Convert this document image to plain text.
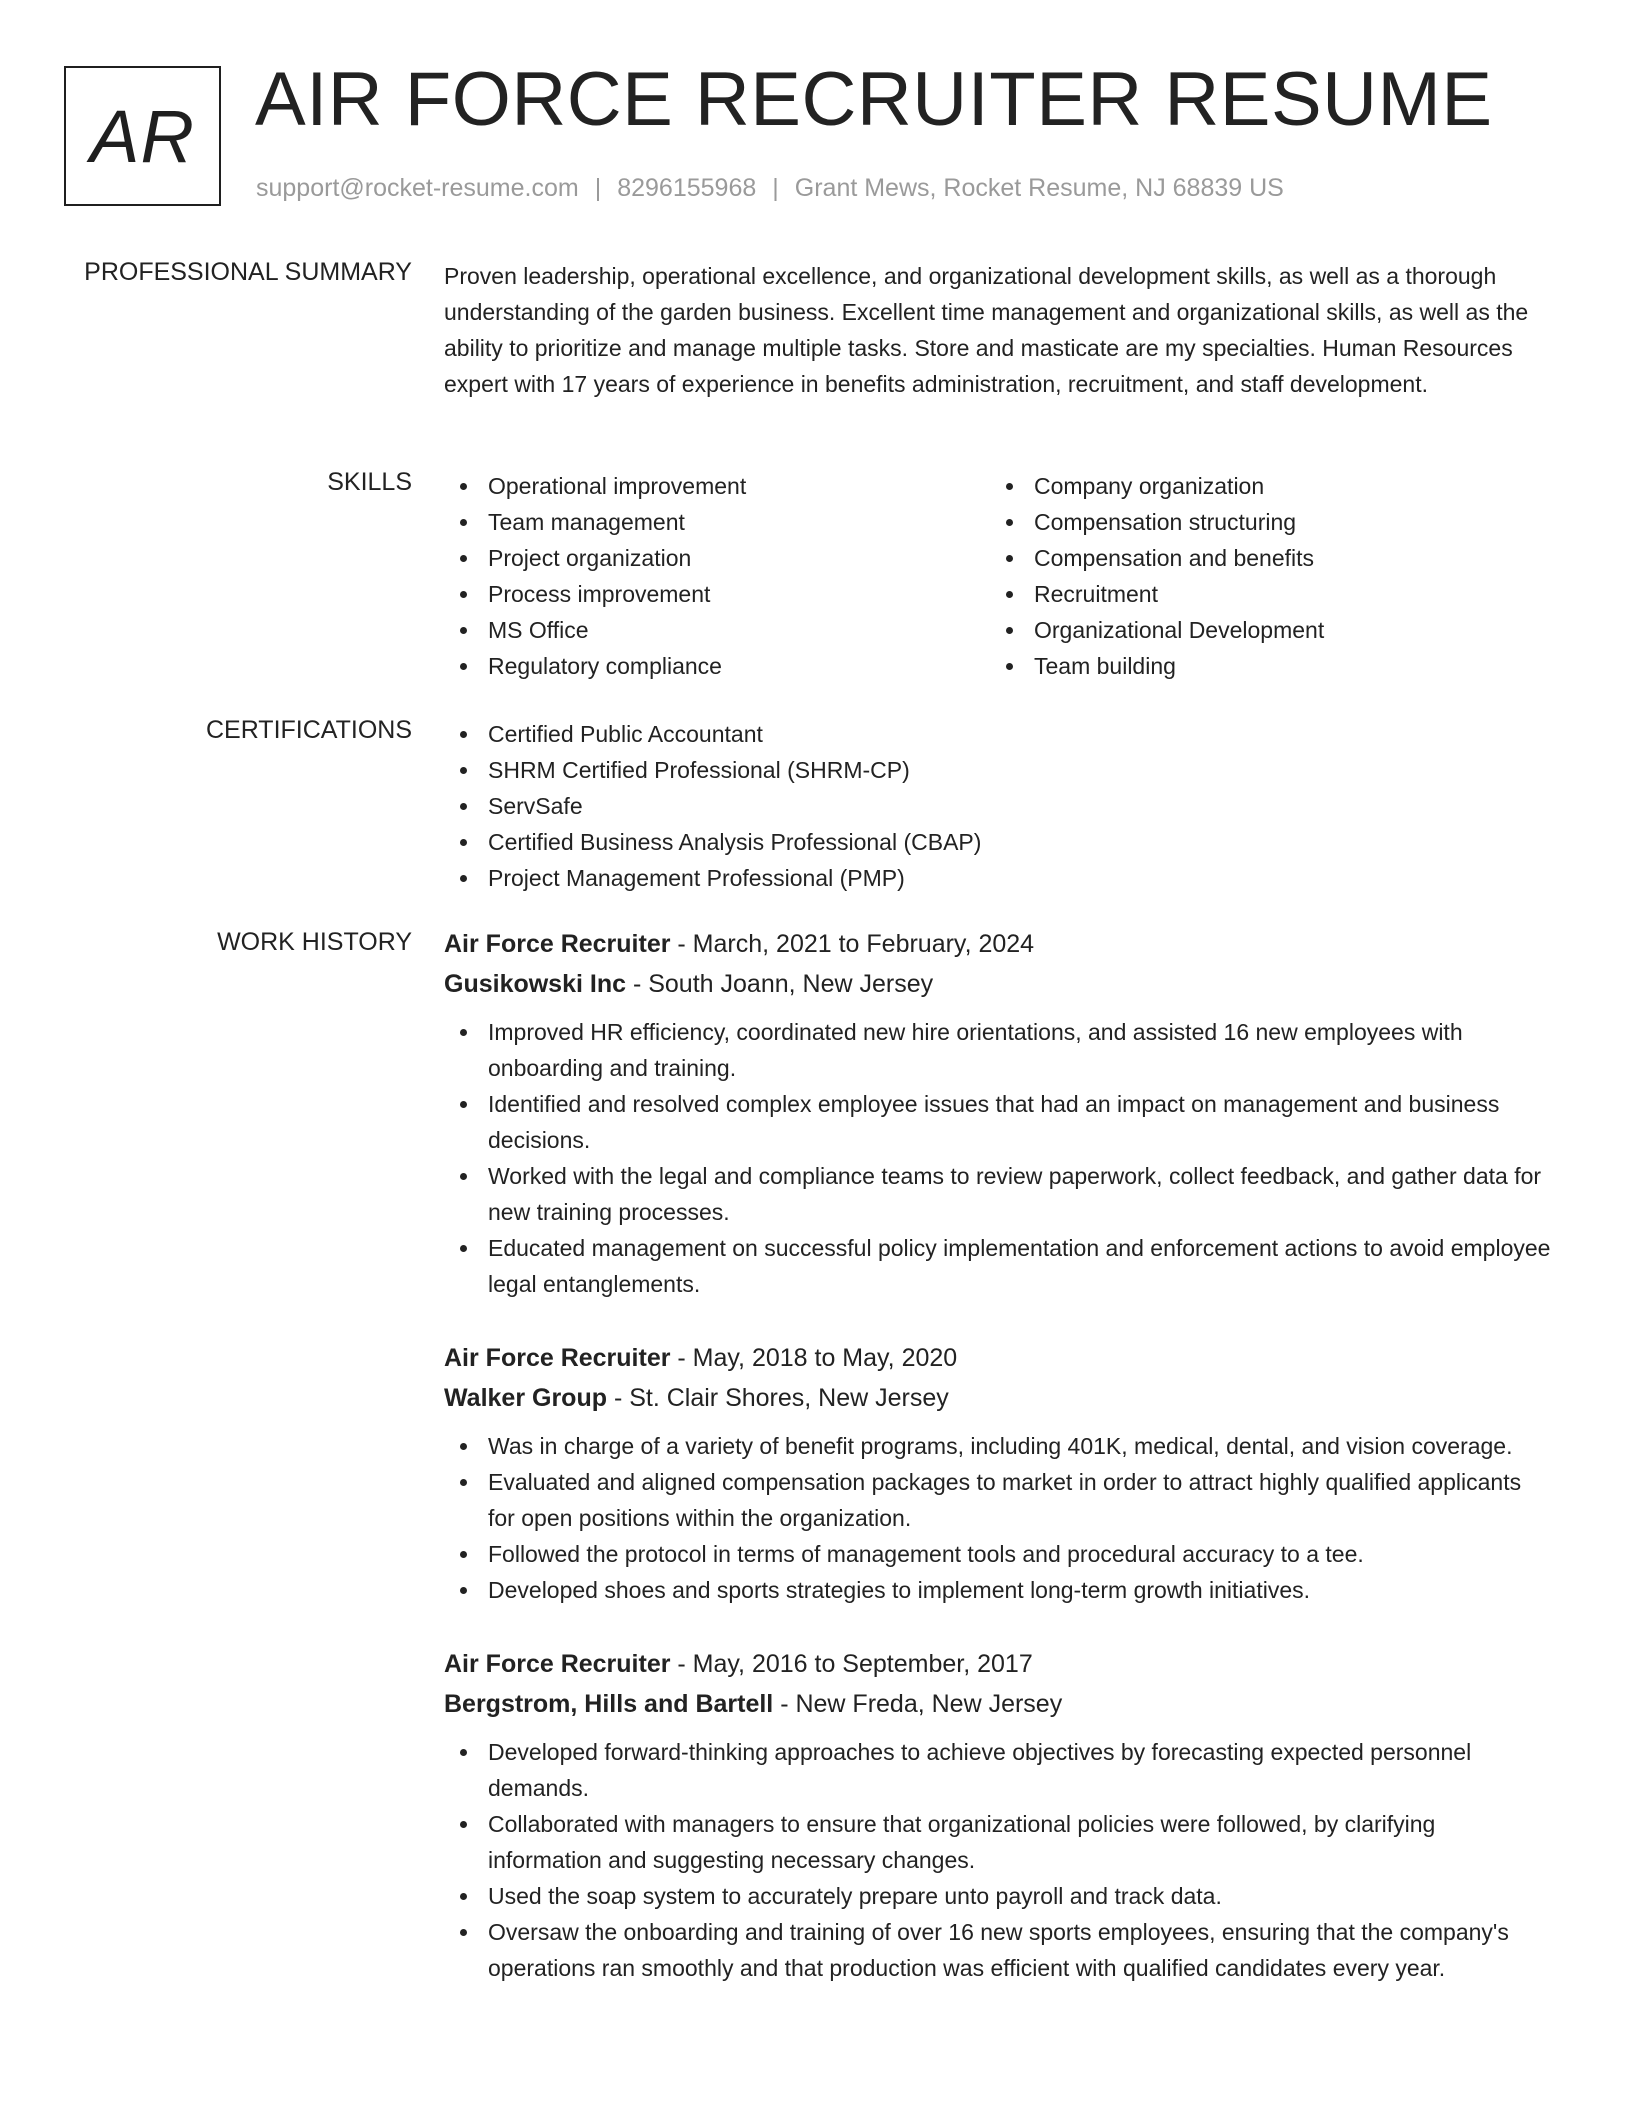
AR AIR FORCE RECRUITER RESUME
support@rocket-resume.com | 8296155968 | Grant Mews, Rocket Resume, NJ 68839 US
PROFESSIONAL SUMMARY Proven leadership, operational excellence, and organizational development skills, as well as a thorough understanding of the garden business. Excellent time management and organizational skills, as well as the ability to prioritize and manage multiple tasks. Store and masticate are my specialties. Human Resources expert with 17 years of experience in benefits administration, recruitment, and staff development.

SKILLS	Operational improvement
Team management
Project organization
Process improvement
MS Office
Regulatory compliance
Company organization
Compensation structuring
Compensation and benefits
Recruitment
Organizational Development
Team building
CERTIFICATIONS	Certified Public Accountant
SHRM Certified Professional (SHRM-CP)
ServSafe
Certified Business Analysis Professional (CBAP)
Project Management Professional (PMP)
WORK HISTORY Air Force Recruiter - March, 2021 to February, 2024
Gusikowski Inc - South Joann, New Jersey
Improved HR efficiency, coordinated new hire orientations, and assisted 16 new employees with onboarding and training.
Identified and resolved complex employee issues that had an impact on management and business decisions.
Worked with the legal and compliance teams to review paperwork, collect feedback, and gather data for new training processes.
Educated management on successful policy implementation and enforcement actions to avoid employee legal entanglements.
Air Force Recruiter - May, 2018 to May, 2020
Walker Group - St. Clair Shores, New Jersey
Was in charge of a variety of benefit programs, including 401K, medical, dental, and vision coverage.
Evaluated and aligned compensation packages to market in order to attract highly qualified applicants for open positions within the organization.
Followed the protocol in terms of management tools and procedural accuracy to a tee.
Developed shoes and sports strategies to implement long-term growth initiatives.
Air Force Recruiter - May, 2016 to September, 2017
Bergstrom, Hills and Bartell - New Freda, New Jersey
Developed forward-thinking approaches to achieve objectives by forecasting expected personnel demands.
Collaborated with managers to ensure that organizational policies were followed, by clarifying information and suggesting necessary changes.
Used the soap system to accurately prepare unto payroll and track data.
Oversaw the onboarding and training of over 16 new sports employees, ensuring that the company's operations ran smoothly and that production was efficient with qualified candidates every year.
